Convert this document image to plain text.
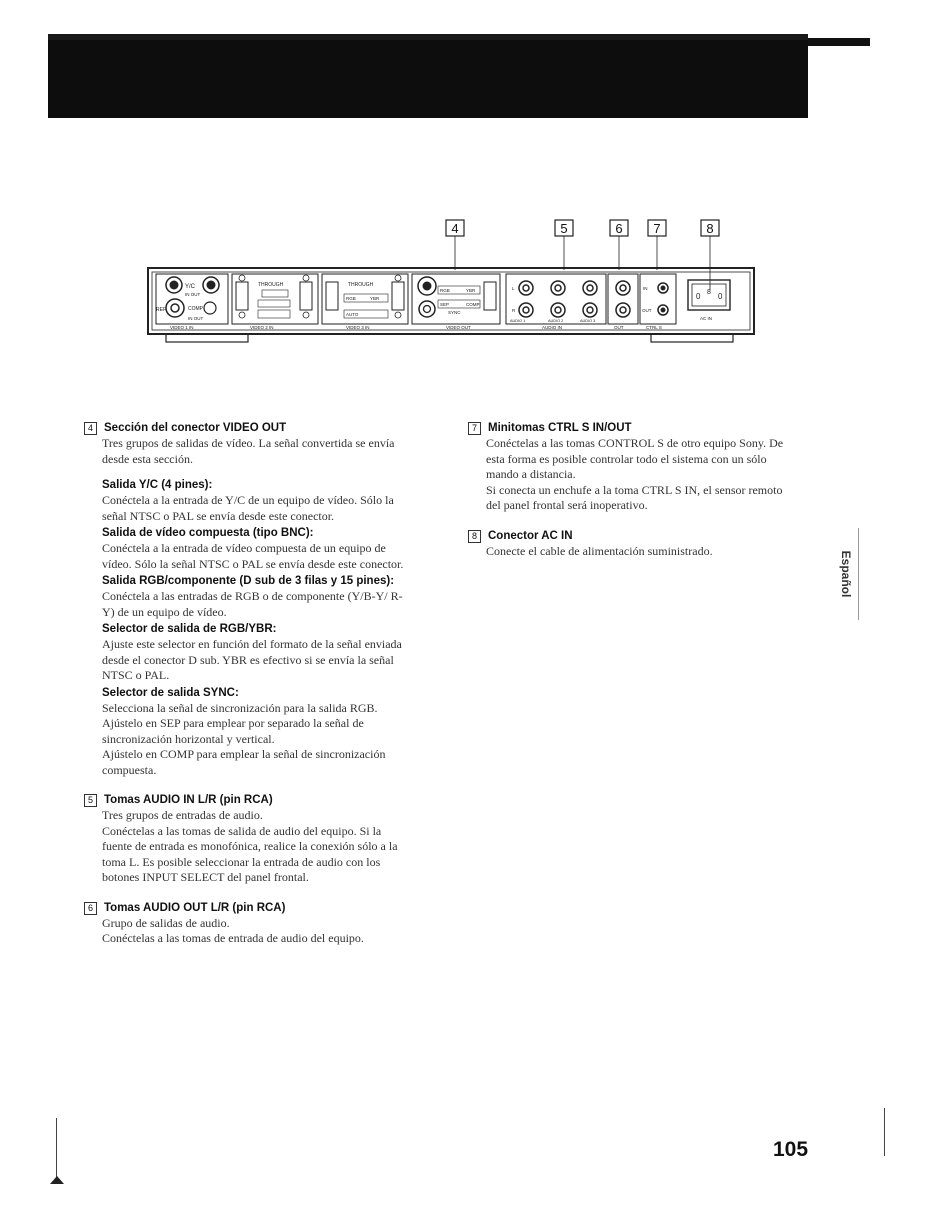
4	5	6 7	8
Y/C
IN OUT
REF	COMP
IN OUT
VIDEO 1 IN
THROUGH
VIDEO 2 IN
THROUGH
RGB	YBR
AUTO
VIDEO 3 IN
RGB	YBR
SEP	COMP
SYNC
VIDEO OUT
L
R
AUDIO 1	AUDIO 2	AUDIO 3
AUDIO IN	OUT
IN
OUT
CTRL S
0 0
8
AC IN
4 Sección del conector VIDEO OUT
Tres grupos de salidas de vídeo. La señal convertida se envía desde esta sección.
Salida Y/C (4 pines):
Conéctela a la entrada de Y/C de un equipo de vídeo. Sólo la señal NTSC o PAL se envía desde este conector.
Salida de vídeo compuesta (tipo BNC):
Conéctela a la entrada de vídeo compuesta de un equipo de vídeo. Sólo la señal NTSC o PAL se envía desde este conector.
Salida RGB/componente (D sub de 3 filas y 15 pines):
Conéctela a las entradas de RGB o de componente (Y/B-Y/ R-Y) de un equipo de vídeo.
Selector de salida de RGB/YBR:
Ajuste este selector en función del formato de la señal enviada desde el conector D sub. YBR es efectivo si se envía la señal NTSC o PAL.
Selector de salida SYNC:
Selecciona la señal de sincronización para la salida RGB.
Ajústelo en SEP para emplear por separado la señal de sincronización horizontal y vertical.
Ajústelo en COMP para emplear la señal de sincronización compuesta.
5 Tomas AUDIO IN L/R (pin RCA)
Tres grupos de entradas de audio.
Conéctelas a las tomas de salida de audio del equipo. Si la fuente de entrada es monofónica, realice la conexión sólo a la toma L. Es posible seleccionar la entrada de audio con los botones INPUT SELECT del panel frontal.
6 Tomas AUDIO OUT L/R (pin RCA)
Grupo de salidas de audio.
Conéctelas a las tomas de entrada de audio del equipo.
7 Minitomas CTRL S IN/OUT
Conéctelas a las tomas CONTROL S de otro equipo Sony. De esta forma es posible controlar todo el sistema con un sólo mando a distancia.
Si conecta un enchufe a la toma CTRL S IN, el sensor remoto del panel frontal será inoperativo.
8 Conector AC IN
Conecte el cable de alimentación suministrado.
Español
105
